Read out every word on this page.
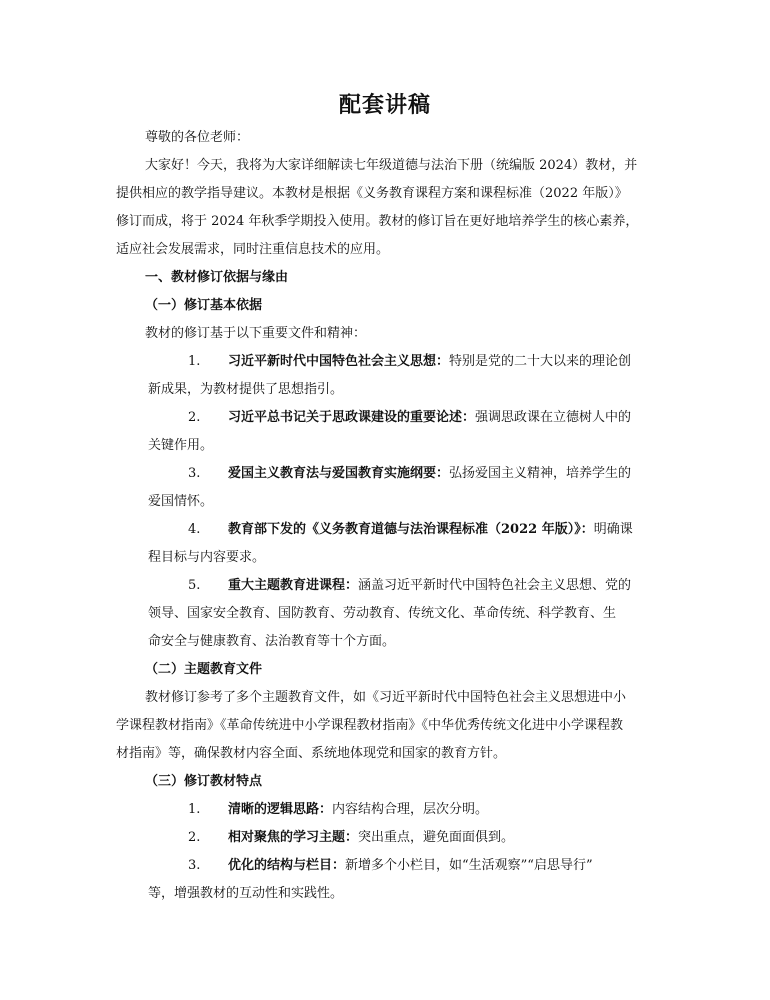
配套讲稿
尊敬的各位老师：
大家好！今天，我将为大家详细解读七年级道德与法治下册（统编版 2024）教材，并
提供相应的教学指导建议。本教材是根据《义务教育课程方案和课程标准（2022 年版）》
修订而成，将于 2024 年秋季学期投入使用。教材的修订旨在更好地培养学生的核心素养，
适应社会发展需求，同时注重信息技术的应用。
一、教材修订依据与缘由
（一）修订基本依据
教材的修订基于以下重要文件和精神：
1. 习近平新时代中国特色社会主义思想：特别是党的二十大以来的理论创
新成果，为教材提供了思想指引。
2. 习近平总书记关于思政课建设的重要论述：强调思政课在立德树人中的
关键作用。
3. 爱国主义教育法与爱国教育实施纲要：弘扬爱国主义精神，培养学生的
爱国情怀。
4. 教育部下发的《义务教育道德与法治课程标准（2022 年版）》：明确课
程目标与内容要求。
5. 重大主题教育进课程：涵盖习近平新时代中国特色社会主义思想、党的
领导、国家安全教育、国防教育、劳动教育、传统文化、革命传统、科学教育、生
命安全与健康教育、法治教育等十个方面。
（二）主题教育文件
教材修订参考了多个主题教育文件，如《习近平新时代中国特色社会主义思想进中小
学课程教材指南》《革命传统进中小学课程教材指南》《中华优秀传统文化进中小学课程教
材指南》等，确保教材内容全面、系统地体现党和国家的教育方针。
（三）修订教材特点
1. 清晰的逻辑思路：内容结构合理，层次分明。
2. 相对聚焦的学习主题：突出重点，避免面面俱到。
3. 优化的结构与栏目：新增多个小栏目，如“生活观察”“启思导行”
等，增强教材的互动性和实践性。
